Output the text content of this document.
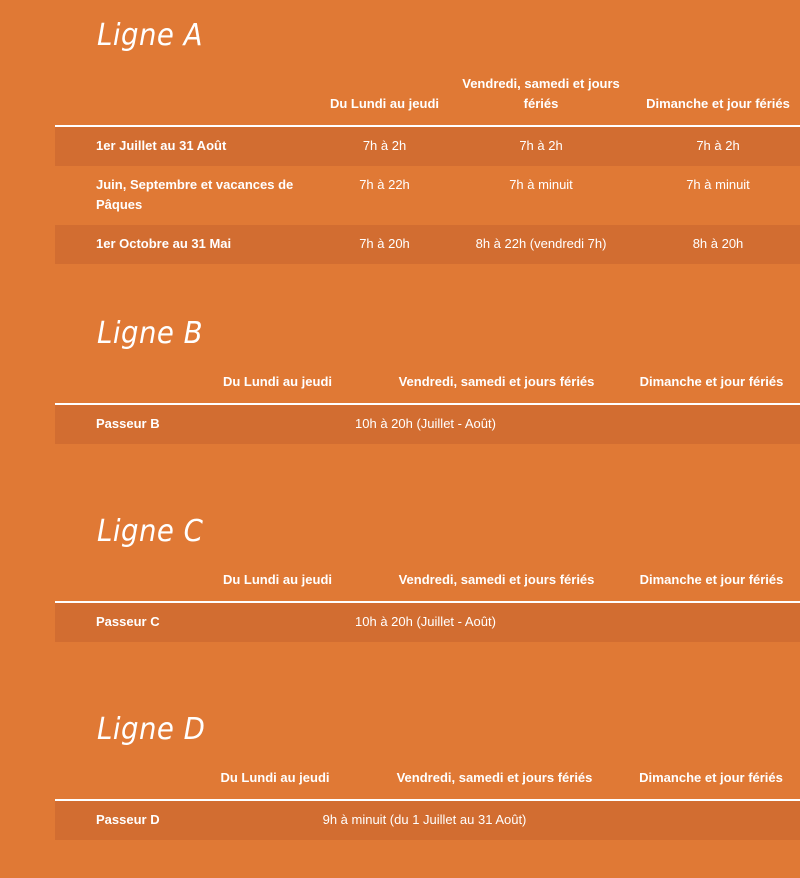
Ligne A
	Du Lundi au jeudi	Vendredi, samedi et jours fériés	Dimanche et jour fériés
1er Juillet au 31 Août	7h à 2h	7h à 2h	7h à 2h
Juin, Septembre et vacances de Pâques	7h à 22h	7h à minuit	7h à minuit
1er Octobre au 31 Mai	7h à 20h	8h à 22h (vendredi 7h)	8h à 20h
Ligne B
	Du Lundi au jeudi	Vendredi, samedi et jours fériés	Dimanche et jour fériés
Passeur B	10h à 20h (Juillet - Août)		
Ligne C
	Du Lundi au jeudi	Vendredi, samedi et jours fériés	Dimanche et jour fériés
Passeur C	10h à 20h (Juillet - Août)		
Ligne D
	Du Lundi au jeudi	Vendredi, samedi et jours fériés	Dimanche et jour fériés
Passeur D	9h à minuit (du 1 Juillet au 31 Août)		
